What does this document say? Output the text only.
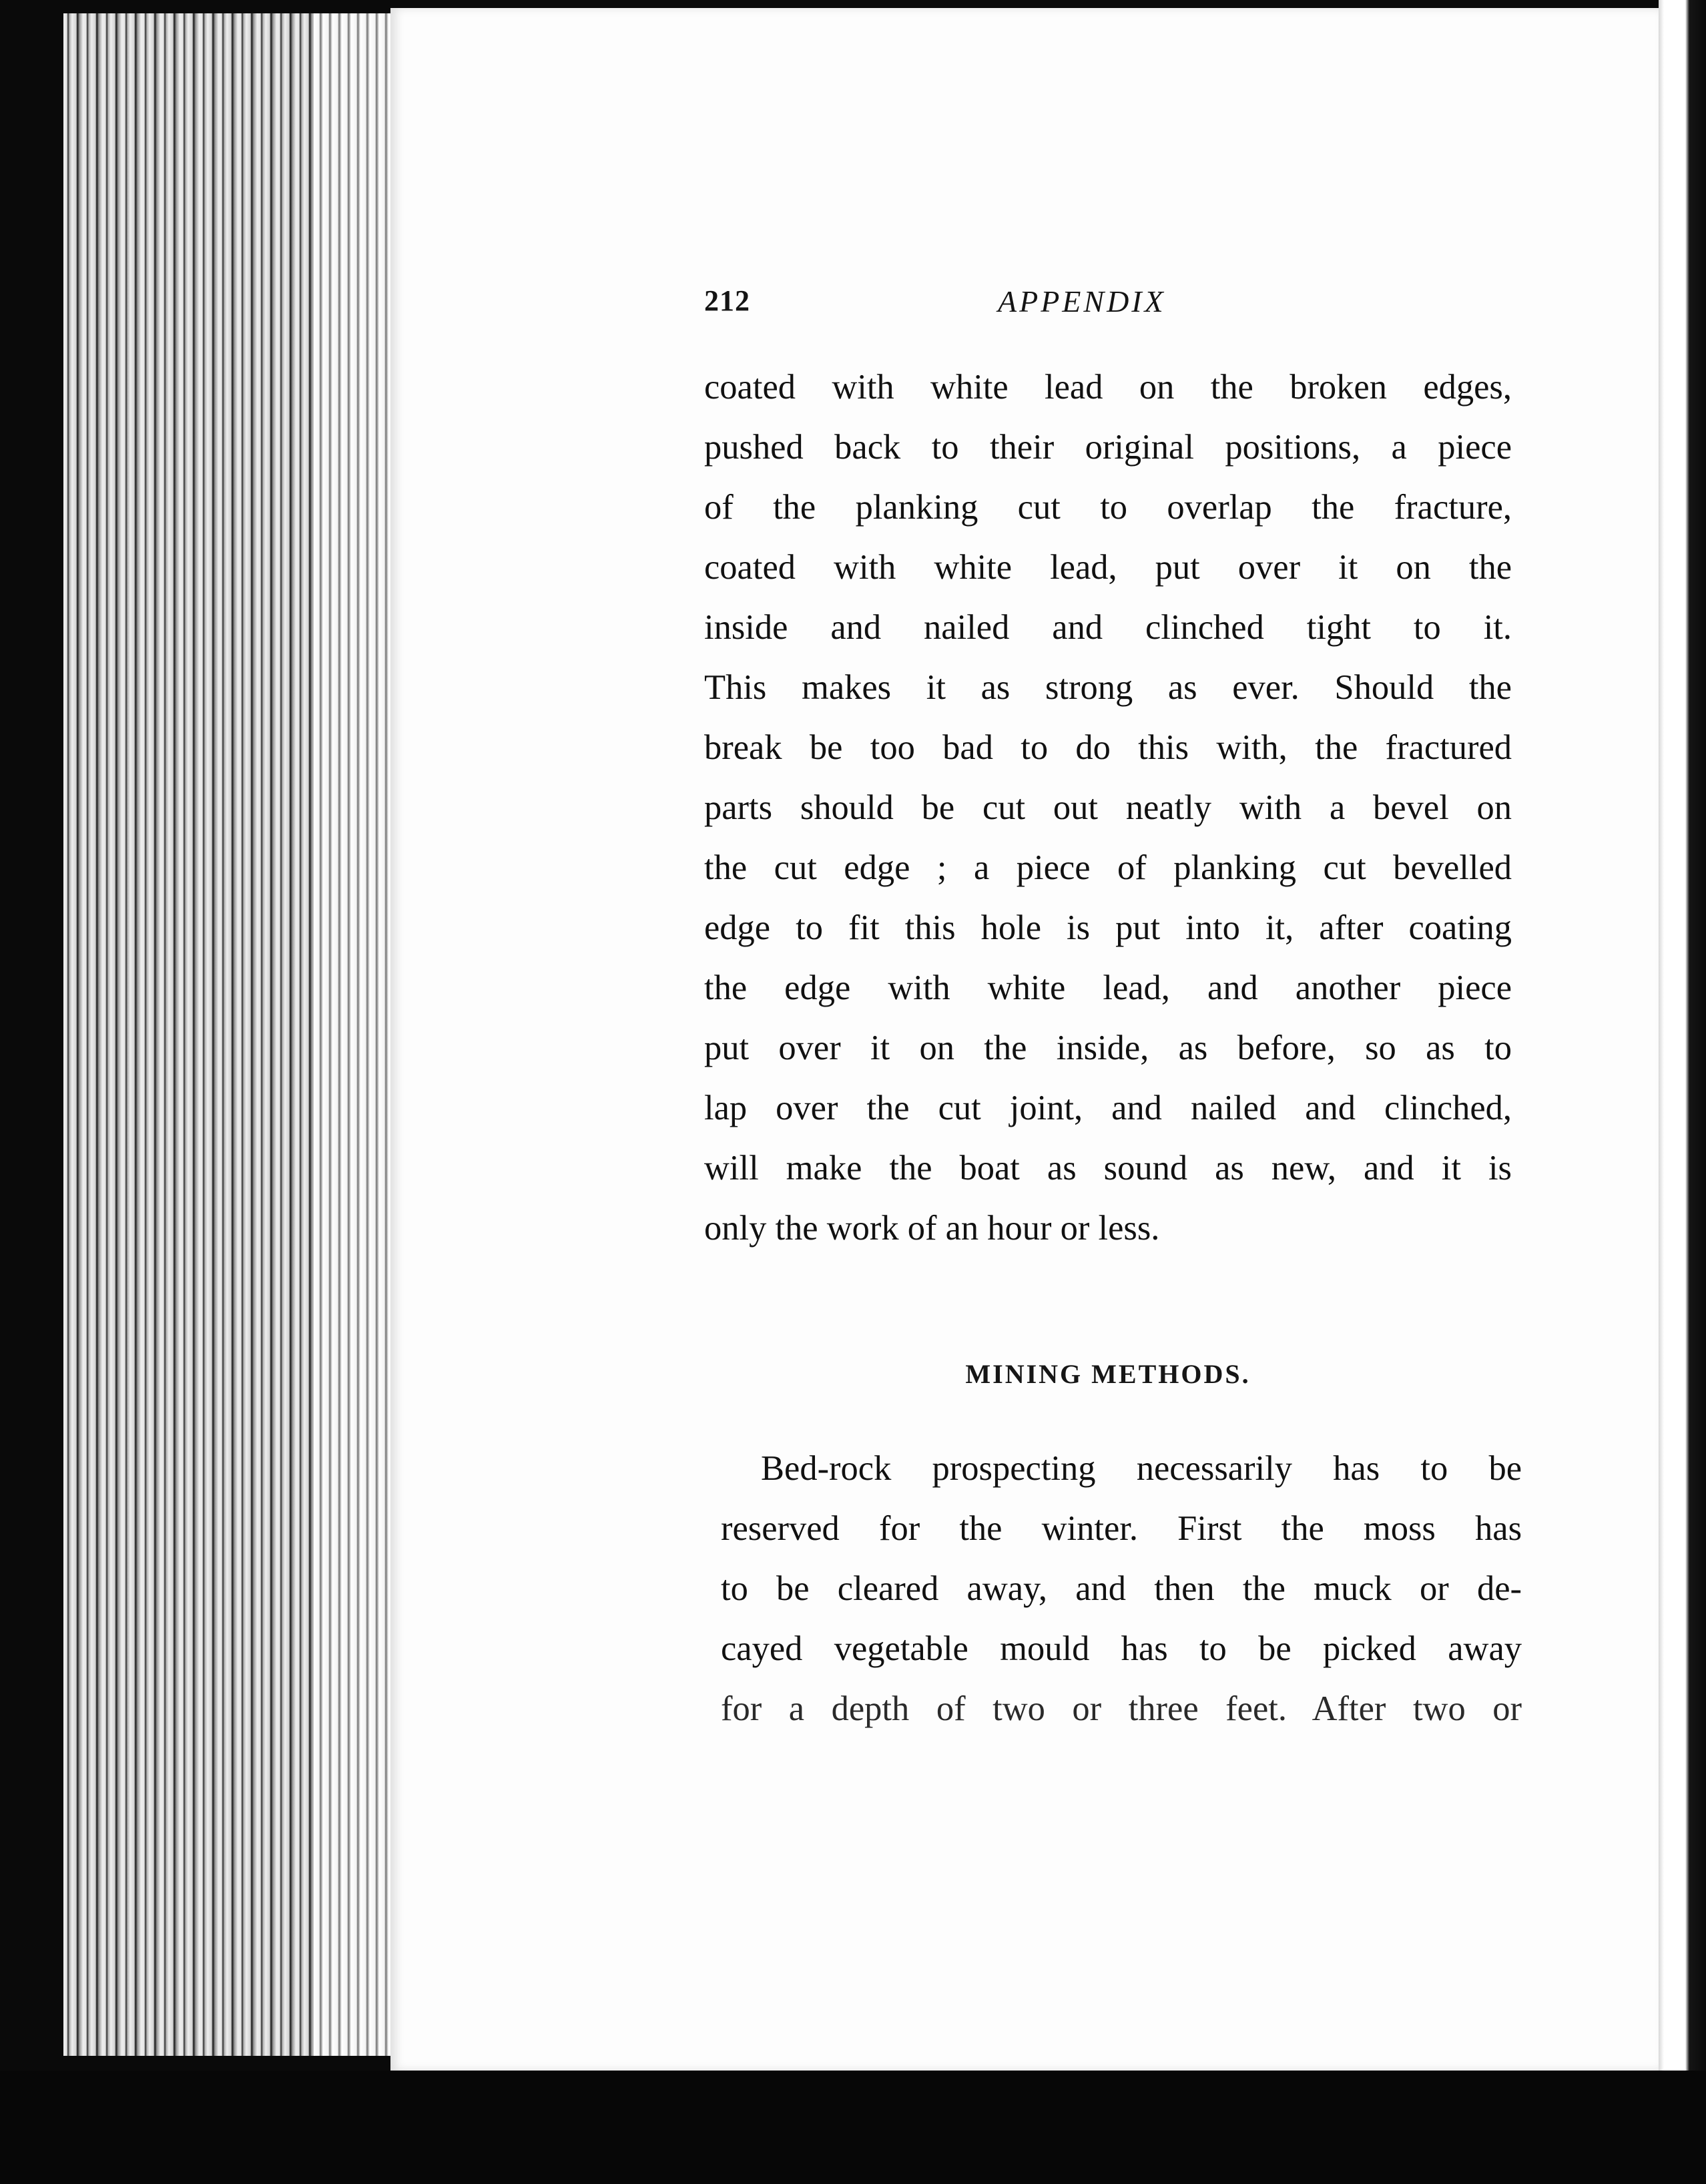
212	APPENDIX
coated with white lead on the broken edges,
pushed back to their original positions, a piece
of the planking cut to overlap the fracture,
coated with white lead, put over it on the
inside and nailed and clinched tight to it.
This makes it as strong as ever. Should the
break be too bad to do this with, the fractured
parts should be cut out neatly with a bevel on
the cut edge ; a piece of planking cut bevelled
edge to fit this hole is put into it, after coating
the edge with white lead, and another piece
put over it on the inside, as before, so as to
lap over the cut joint, and nailed and clinched,
will make the boat as sound as new, and it is
only the work of an hour or less.
MINING METHODS.
Bed-rock prospecting necessarily has to be
reserved for the winter. First the moss has
to be cleared away, and then the muck or de-
cayed vegetable mould has to be picked away
for a depth of two or three feet. After two or
